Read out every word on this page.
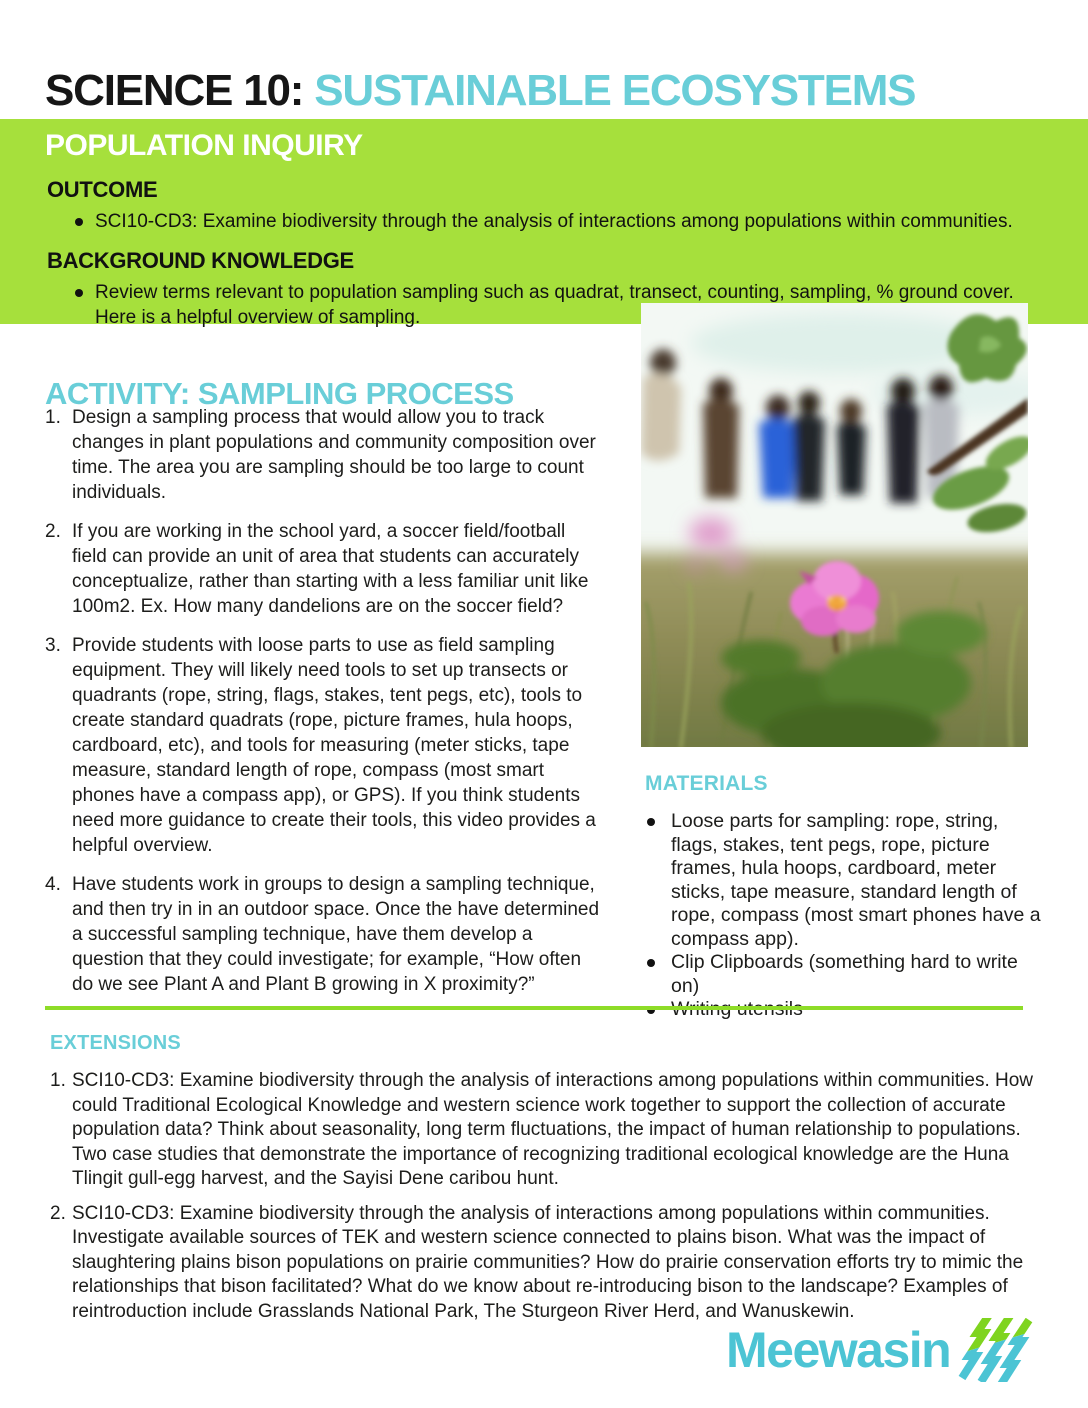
SCIENCE 10: SUSTAINABLE ECOSYSTEMS
POPULATION INQUIRY
OUTCOME
SCI10-CD3: Examine biodiversity through the analysis of interactions among populations within communities.
BACKGROUND KNOWLEDGE
Review terms relevant to population sampling such as quadrat, transect, counting, sampling, % ground cover. Here is a helpful overview of sampling.
ACTIVITY: SAMPLING PROCESS
Design a sampling process that would allow you to track changes in plant populations and community composition over time. The area you are sampling should be too large to count individuals.
If you are working in the school yard, a soccer field/football field can provide an unit of area that students can accurately conceptualize, rather than starting with a less familiar unit like 100m2. Ex. How many dandelions are on the soccer field?
Provide students with loose parts to use as field sampling equipment. They will likely need tools to set up transects or quadrants (rope, string, flags, stakes, tent pegs, etc), tools to create standard quadrats (rope, picture frames, hula hoops, cardboard, etc), and tools for measuring (meter sticks, tape measure, standard length of rope, compass (most smart phones have a compass app), or GPS). If you think students need more guidance to create their tools, this video provides a helpful overview.
Have students work in groups to design a sampling technique, and then try in in an outdoor space. Once the have determined a successful sampling technique, have them develop a question that they could investigate; for example, “How often do we see Plant A and Plant B growing in X proximity?”
MATERIALS
Loose parts for sampling: rope, string, flags, stakes, tent pegs, rope, picture frames, hula hoops, cardboard, meter sticks, tape measure, standard length of rope, compass (most smart phones have a compass app).
Clip Clipboards (something hard to write on)
EXTENSIONS
SCI10-CD3: Examine biodiversity through the analysis of interactions among populations within communities. How could Traditional Ecological Knowledge and western science work together to support the collection of accurate population data? Think about seasonality, long term fluctuations, the impact of human relationship to populations. Two case studies that demonstrate the importance of recognizing traditional ecological knowledge are the Huna Tlingit gull-egg harvest, and the Sayisi Dene caribou hunt.
SCI10-CD3: Examine biodiversity through the analysis of interactions among populations within communities. Investigate available sources of TEK and western science connected to plains bison. What was the impact of slaughtering plains bison populations on prairie communities? How do prairie conservation efforts try to mimic the relationships that bison facilitated? What do we know about re-introducing bison to the landscape? Examples of reintroduction include Grasslands National Park, The Sturgeon River Herd, and Wanuskewin.
Meewasin
